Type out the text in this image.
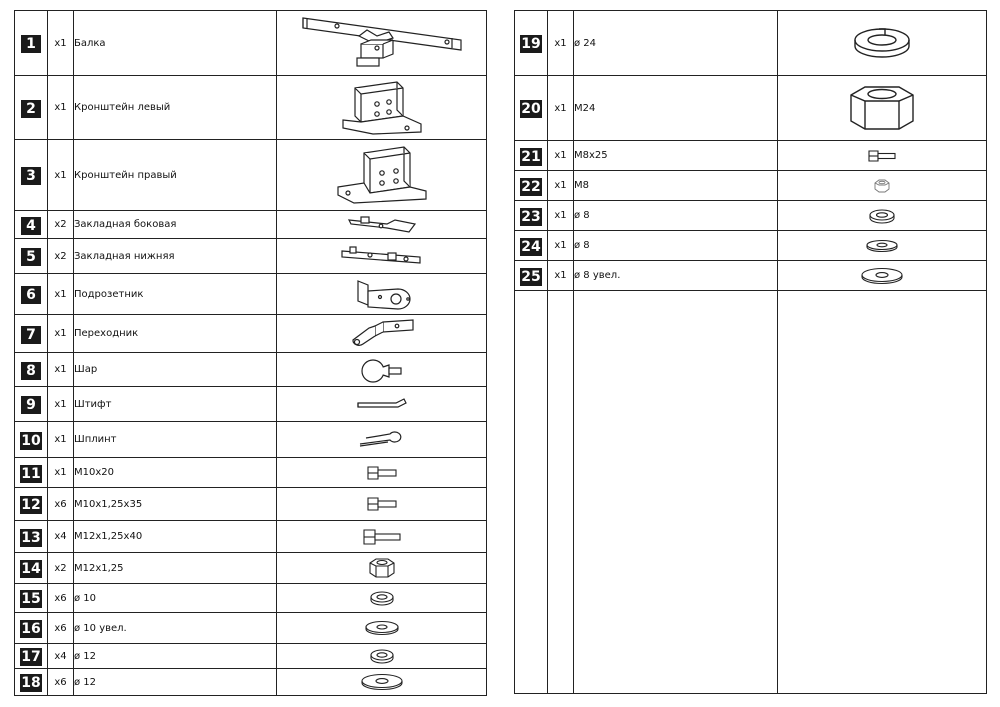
1	x1	Балка	

2	x1	Кронштейн левый	

3	x1	Кронштейн правый	

4	x2	Закладная боковая	

5	x2	Закладная нижняя	

6	x1	Подрозетник	

7	x1	Переходник	

8	x1	Шар	

9	x1	Штифт	

10	x1	Шплинт	

11	x1	M10x20	

12	x6	M10x1,25x35	

13	x4	M12x1,25x40	

14	x2	M12x1,25	

15	x6	ø 10	

16	x6	ø 10 увел.	

17	x4	ø 12	

18	x6	ø 12	
19	x1	ø 24	

20	x1	M24	

21	x1	M8x25	

22	x1	M8	

23	x1	ø 8	

24	x1	ø 8	

25	x1	ø 8 увел.	
